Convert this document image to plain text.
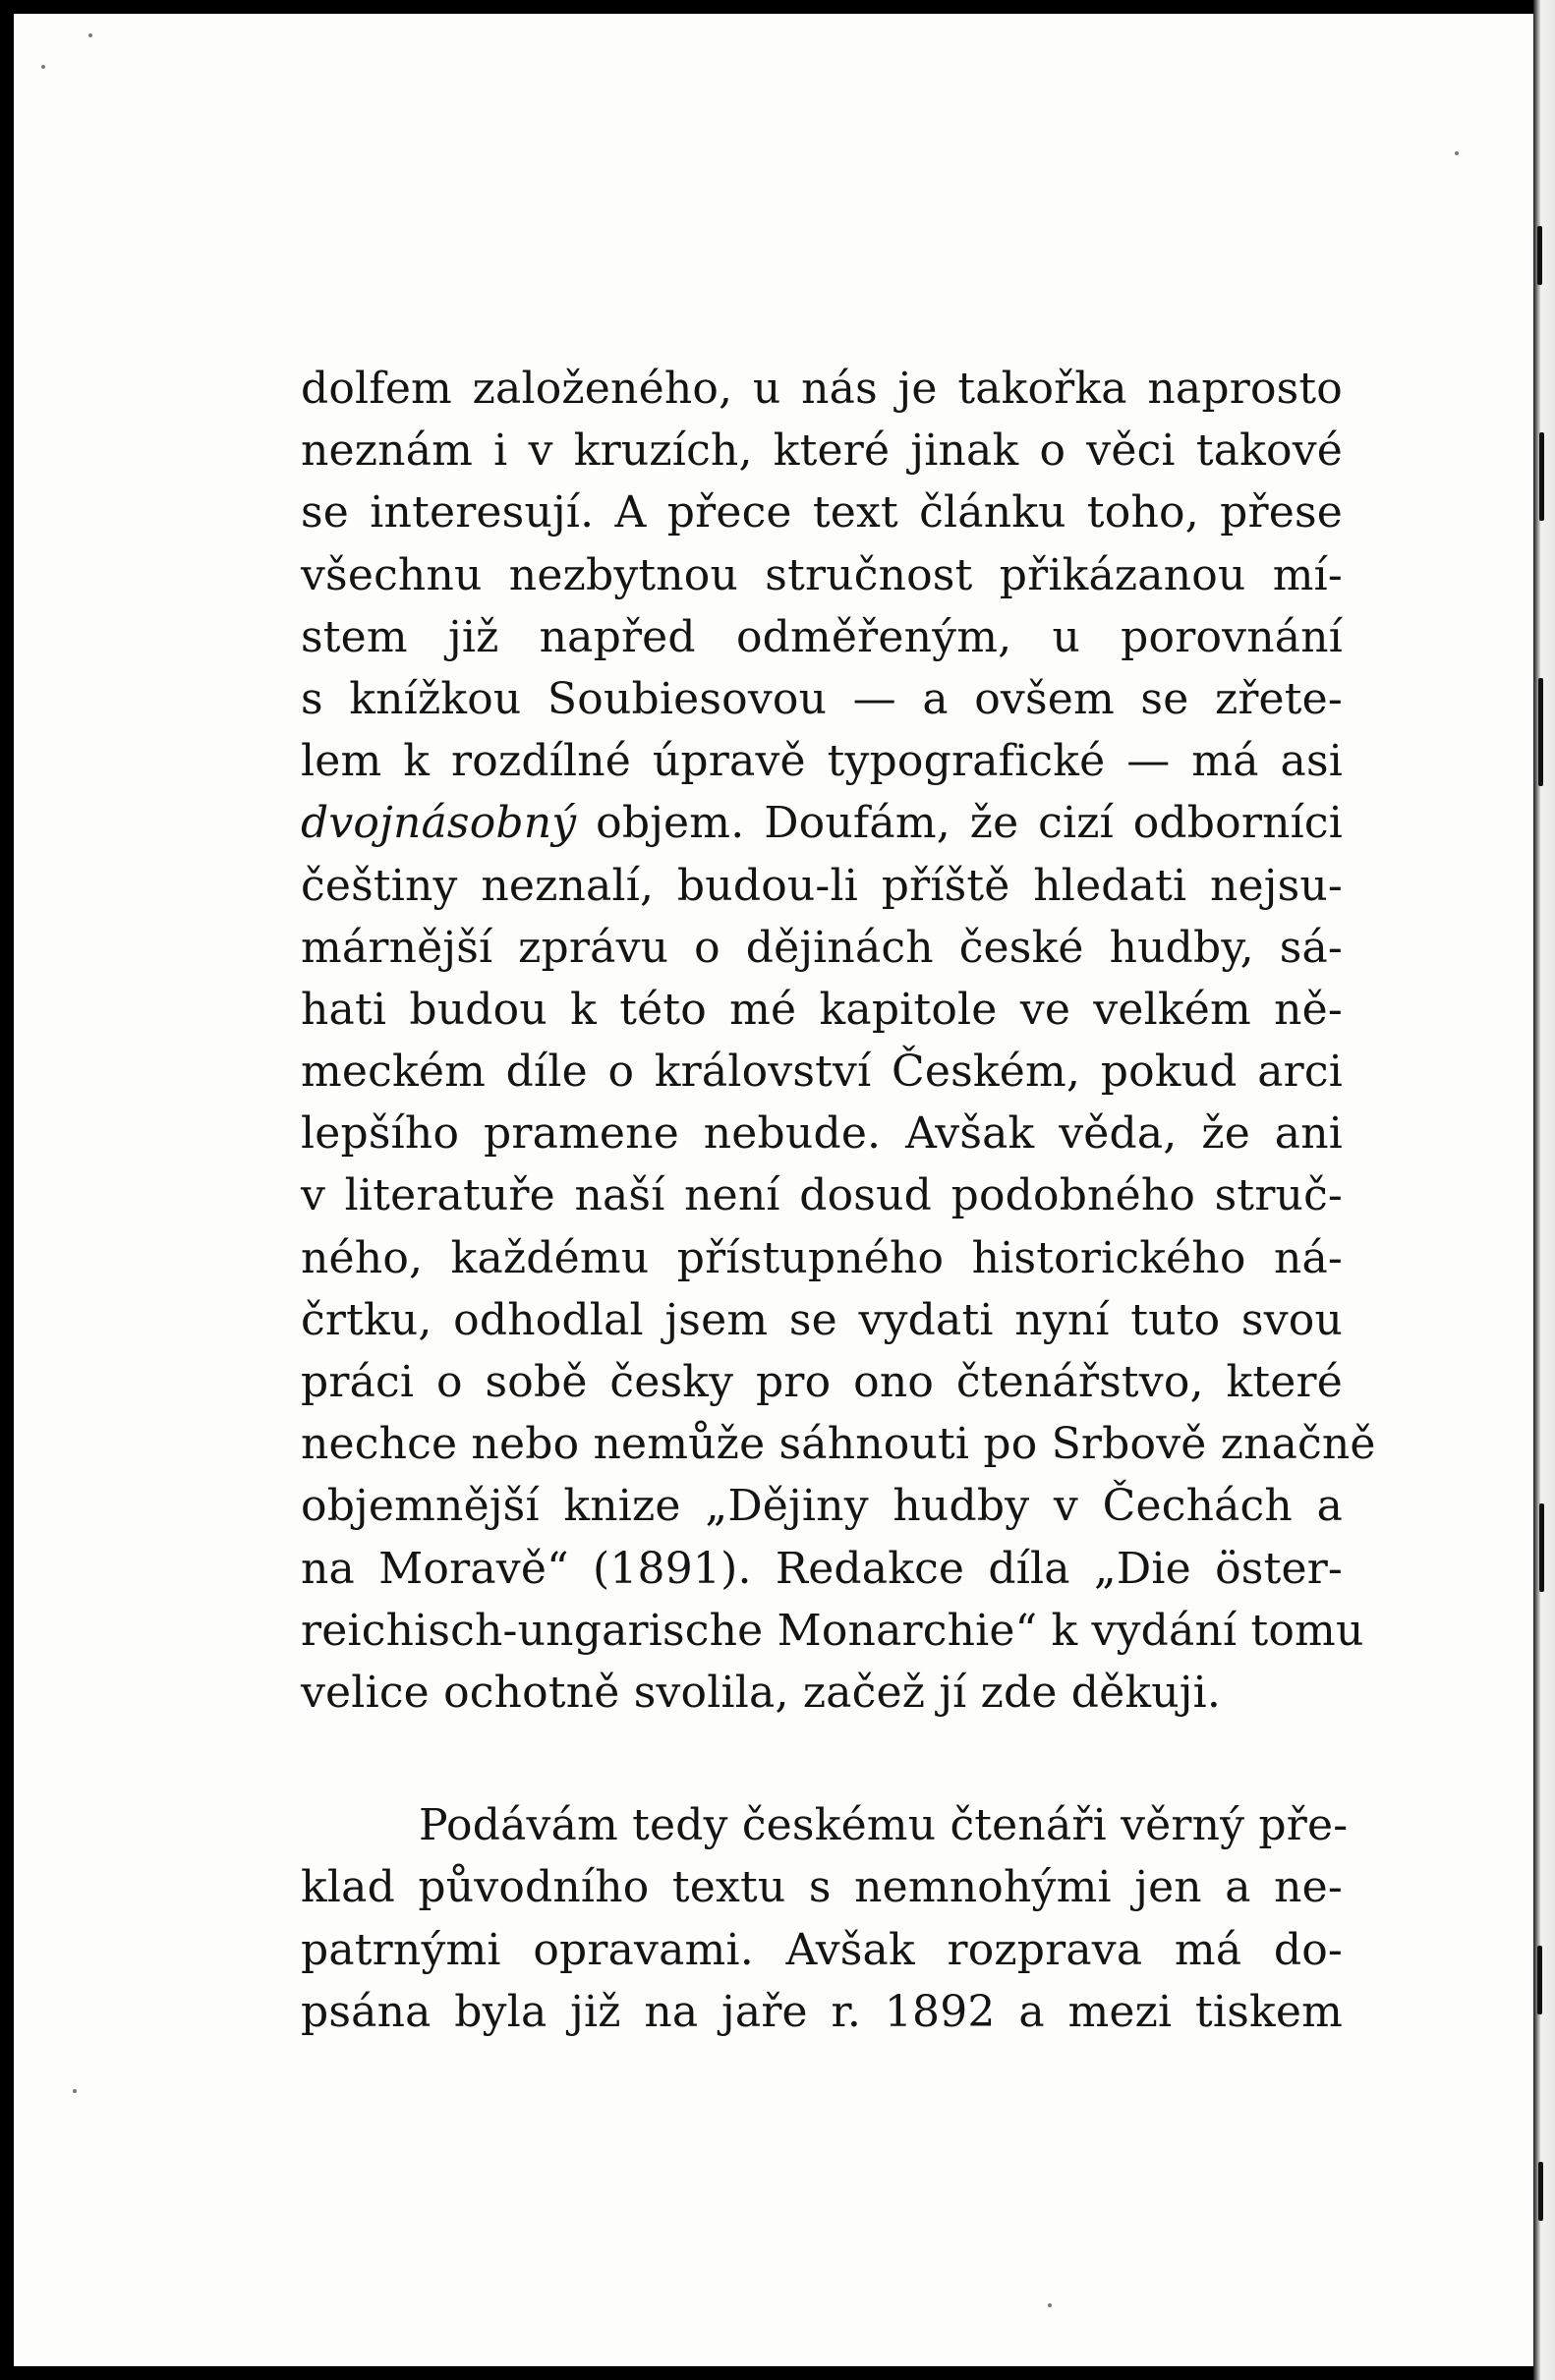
dolfem založeného, u nás je takořka naprosto
neznám i v kruzích, které jinak o věci takové
se interesují. A přece text článku toho, přese
všechnu nezbytnou stručnost přikázanou mí-
stem již napřed odměřeným, u porovnání
s knížkou Soubiesovou — a ovšem se zřete-
lem k rozdílné úpravě typografické — má asi
dvojnásobný objem. Doufám, že cizí odborníci
češtiny neznalí, budou-li příště hledati nejsu-
márnější zprávu o dějinách české hudby, sá-
hati budou k této mé kapitole ve velkém ně-
meckém díle o království Českém, pokud arci
lepšího pramene nebude. Avšak věda, že ani
v literatuře naší není dosud podobného struč-
ného, každému přístupného historického ná-
črtku, odhodlal jsem se vydati nyní tuto svou
práci o sobě česky pro ono čtenářstvo, které
nechce nebo nemůže sáhnouti po Srbově značně
objemnější knize „Dějiny hudby v Čechách a
na Moravě“ (1891). Redakce díla „Die öster-
reichisch-ungarische Monarchie“ k vydání tomu
velice ochotně svolila, začež jí zde děkuji.
Podávám tedy českému čtenáři věrný pře-
klad původního textu s nemnohými jen a ne-
patrnými opravami. Avšak rozprava má do-
psána byla již na jaře r. 1892 a mezi tiskem
